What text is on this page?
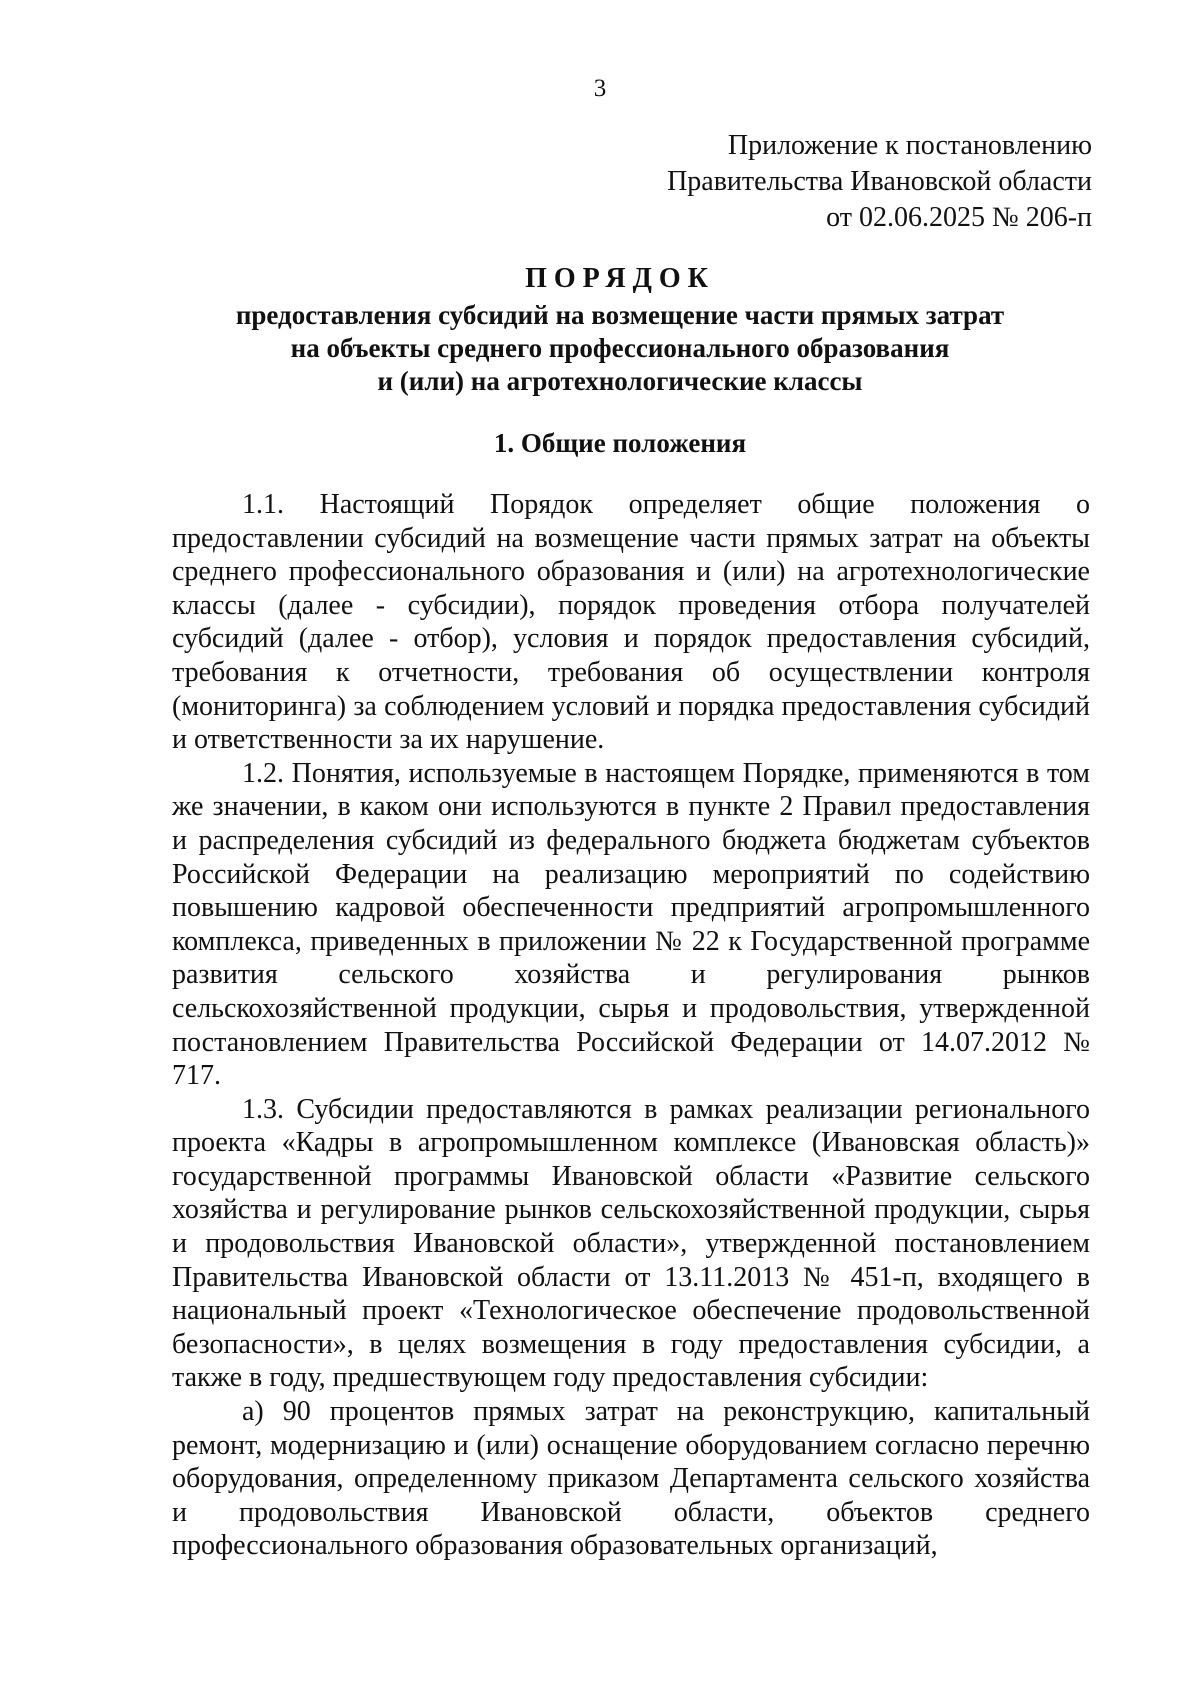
3
Приложение к постановлению
Правительства Ивановской области
от 02.06.2025 № 206-п
ПОРЯДОК
предоставления субсидий на возмещение части прямых затрат
на объекты среднего профессионального образования
и (или) на агротехнологические классы
1. Общие положения

1.1. Настоящий Порядок определяет общие положения о предоставлении субсидий на возмещение части прямых затрат на объекты среднего профессионального образования и (или) на агротехнологические классы (далее - субсидии), порядок проведения отбора получателей субсидий (далее - отбор), условия и порядок предоставления субсидий, требования к отчетности, требования об осуществлении контроля (мониторинга) за соблюдением условий и порядка предоставления субсидий и ответственности за их нарушение.

1.2. Понятия, используемые в настоящем Порядке, применяются в том же значении, в каком они используются в пункте 2 Правил предоставления и распределения субсидий из федерального бюджета бюджетам субъектов Российской Федерации на реализацию мероприятий по содействию повышению кадровой обеспеченности предприятий агропромышленного комплекса, приведенных в приложении № 22 к Государственной программе развития сельского хозяйства и регулирования рынков сельскохозяйственной продукции, сырья и продовольствия, утвержденной постановлением Правительства Российской Федерации от 14.07.2012 № 717.

1.3. Субсидии предоставляются в рамках реализации регионального проекта «Кадры в агропромышленном комплексе (Ивановская область)» государственной программы Ивановской области «Развитие сельского хозяйства и регулирование рынков сельскохозяйственной продукции, сырья и продовольствия Ивановской области», утвержденной постановлением Правительства Ивановской области от 13.11.2013 № 451-п, входящего в национальный проект «Технологическое обеспечение продовольственной безопасности», в целях возмещения в году предоставления субсидии, а также в году, предшествующем году предоставления субсидии:

а) 90 процентов прямых затрат на реконструкцию, капитальный ремонт, модернизацию и (или) оснащение оборудованием согласно перечню оборудования, определенному приказом Департамента сельского хозяйства и продовольствия Ивановской области, объектов среднего профессионального образования образовательных организаций,
